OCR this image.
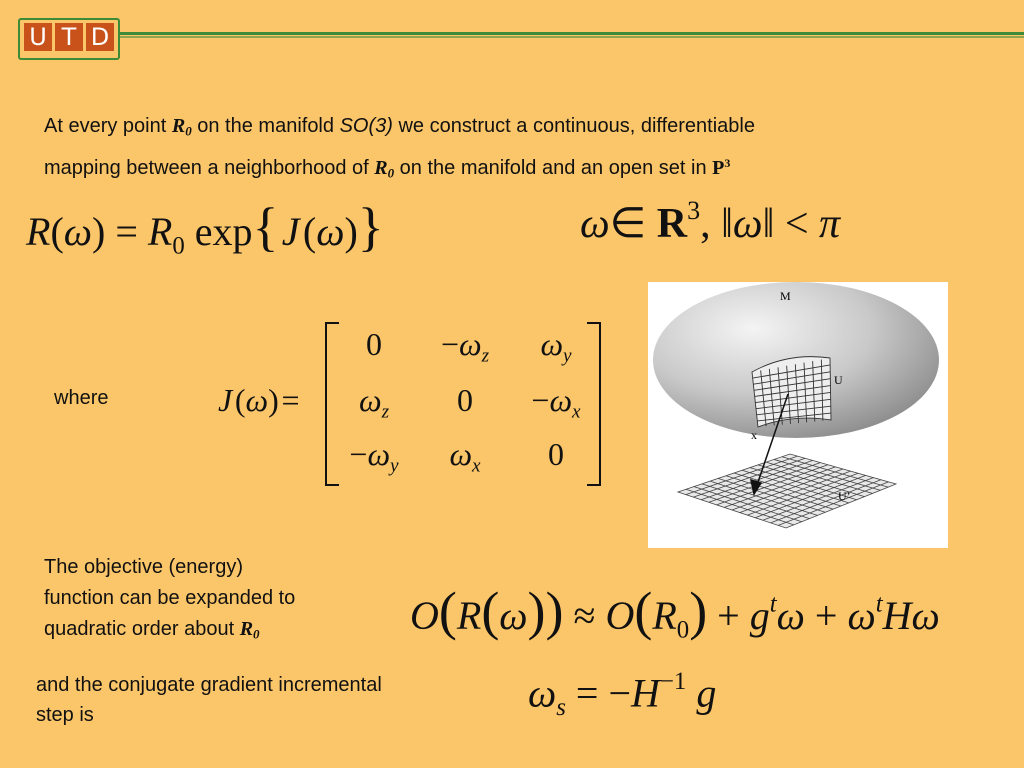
U T D
At every point $R_0$ on the manifold SO(3) we construct a continuous, differentiable
mapping between a neighborhood of $R_0$ on the manifold and an open set in $P^3$
$R(\omega) = R_0$ exp{ J (ω)}	ω∈ $R^3$, ‖ω‖ < π
where	J (ω) =
0	$-\omega_z$	$\omega_y$
$\omega_z$	0	$-\omega_x$
$-\omega_y$	$\omega_x$	0
M
U
x
U’
The objective (energy)
function can be expanded to
quadratic order about $R_0$	$O(R(\omega)) \approx O(R_0) + g^t\omega + \omega^tH\omega$
and the conjugate gradient incremental
step is	$\omega_s = -H^{-1}$ g
